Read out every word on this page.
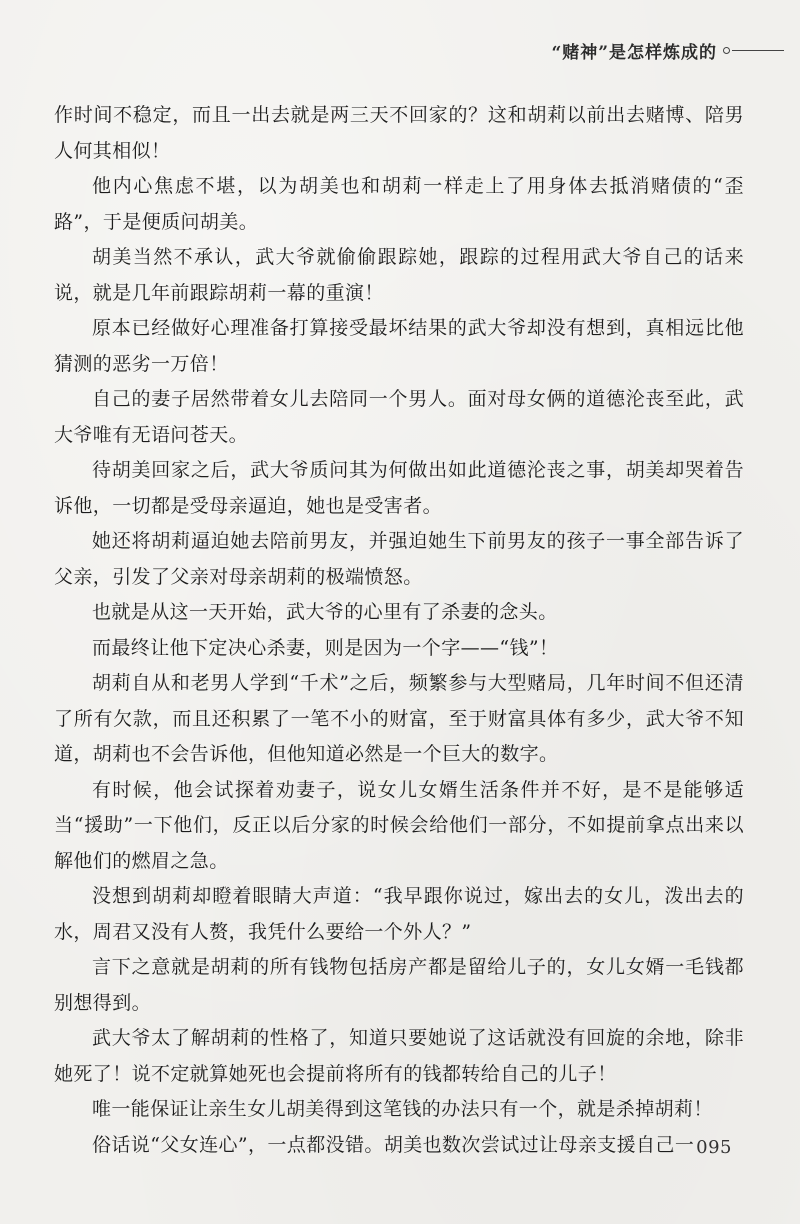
“赌神”是怎样炼成的

作时间不稳定，而且一出去就是两三天不回家的？这和胡莉以前出去赌博、陪男人何其相似！

他内心焦虑不堪，以为胡美也和胡莉一样走上了用身体去抵消赌债的“歪路”，于是便质问胡美。

胡美当然不承认，武大爷就偷偷跟踪她，跟踪的过程用武大爷自己的话来说，就是几年前跟踪胡莉一幕的重演！

原本已经做好心理准备打算接受最坏结果的武大爷却没有想到，真相远比他猜测的恶劣一万倍！

自己的妻子居然带着女儿去陪同一个男人。面对母女俩的道德沦丧至此，武大爷唯有无语问苍天。

待胡美回家之后，武大爷质问其为何做出如此道德沦丧之事，胡美却哭着告诉他，一切都是受母亲逼迫，她也是受害者。

她还将胡莉逼迫她去陪前男友，并强迫她生下前男友的孩子一事全部告诉了父亲，引发了父亲对母亲胡莉的极端愤怒。

也就是从这一天开始，武大爷的心里有了杀妻的念头。

而最终让他下定决心杀妻，则是因为一个字——“钱”！

胡莉自从和老男人学到“千术”之后，频繁参与大型赌局，几年时间不但还清了所有欠款，而且还积累了一笔不小的财富，至于财富具体有多少，武大爷不知道，胡莉也不会告诉他，但他知道必然是一个巨大的数字。

有时候，他会试探着劝妻子，说女儿女婿生活条件并不好，是不是能够适当“援助”一下他们，反正以后分家的时候会给他们一部分，不如提前拿点出来以解他们的燃眉之急。

没想到胡莉却瞪着眼睛大声道：“我早跟你说过，嫁出去的女儿，泼出去的水，周君又没有人赘，我凭什么要给一个外人？”

言下之意就是胡莉的所有钱物包括房产都是留给儿子的，女儿女婿一毛钱都别想得到。

武大爷太了解胡莉的性格了，知道只要她说了这话就没有回旋的余地，除非她死了！说不定就算她死也会提前将所有的钱都转给自己的儿子！

唯一能保证让亲生女儿胡美得到这笔钱的办法只有一个，就是杀掉胡莉！

俗话说“父女连心”，一点都没错。胡美也数次尝试过让母亲支援自己一 095
